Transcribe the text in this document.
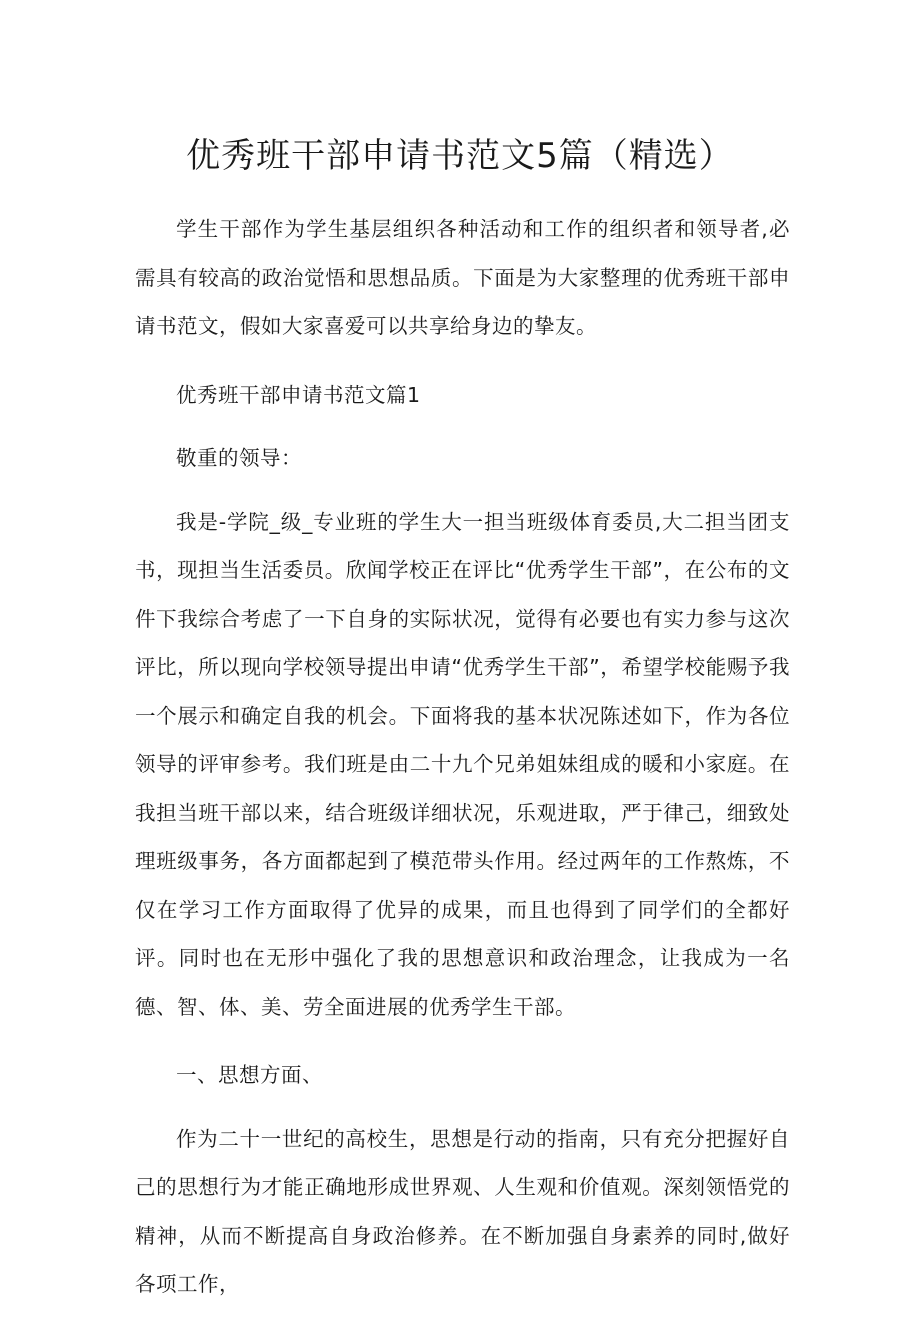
优秀班干部申请书范文5篇（精选）

学生干部作为学生基层组织各种活动和工作的组织者和领导者,必需具有较高的政治觉悟和思想品质。下面是为大家整理的优秀班干部申请书范文，假如大家喜爱可以共享给身边的挚友。

优秀班干部申请书范文篇1

敬重的领导：

我是-学院_级_专业班的学生大一担当班级体育委员,大二担当团支书，现担当生活委员。欣闻学校正在评比“优秀学生干部”，在公布的文件下我综合考虑了一下自身的实际状况，觉得有必要也有实力参与这次评比，所以现向学校领导提出申请“优秀学生干部”，希望学校能赐予我一个展示和确定自我的机会。下面将我的基本状况陈述如下，作为各位领导的评审参考。我们班是由二十九个兄弟姐妹组成的暖和小家庭。在我担当班干部以来，结合班级详细状况，乐观进取，严于律己，细致处理班级事务，各方面都起到了模范带头作用。经过两年的工作熬炼，不仅在学习工作方面取得了优异的成果，而且也得到了同学们的全都好评。同时也在无形中强化了我的思想意识和政治理念，让我成为一名德、智、体、美、劳全面进展的优秀学生干部。

一、思想方面、

作为二十一世纪的高校生，思想是行动的指南，只有充分把握好自己的思想行为才能正确地形成世界观、人生观和价值观。深刻领悟党的精神，从而不断提高自身政治修养。在不断加强自身素养的同时,做好各项工作，
